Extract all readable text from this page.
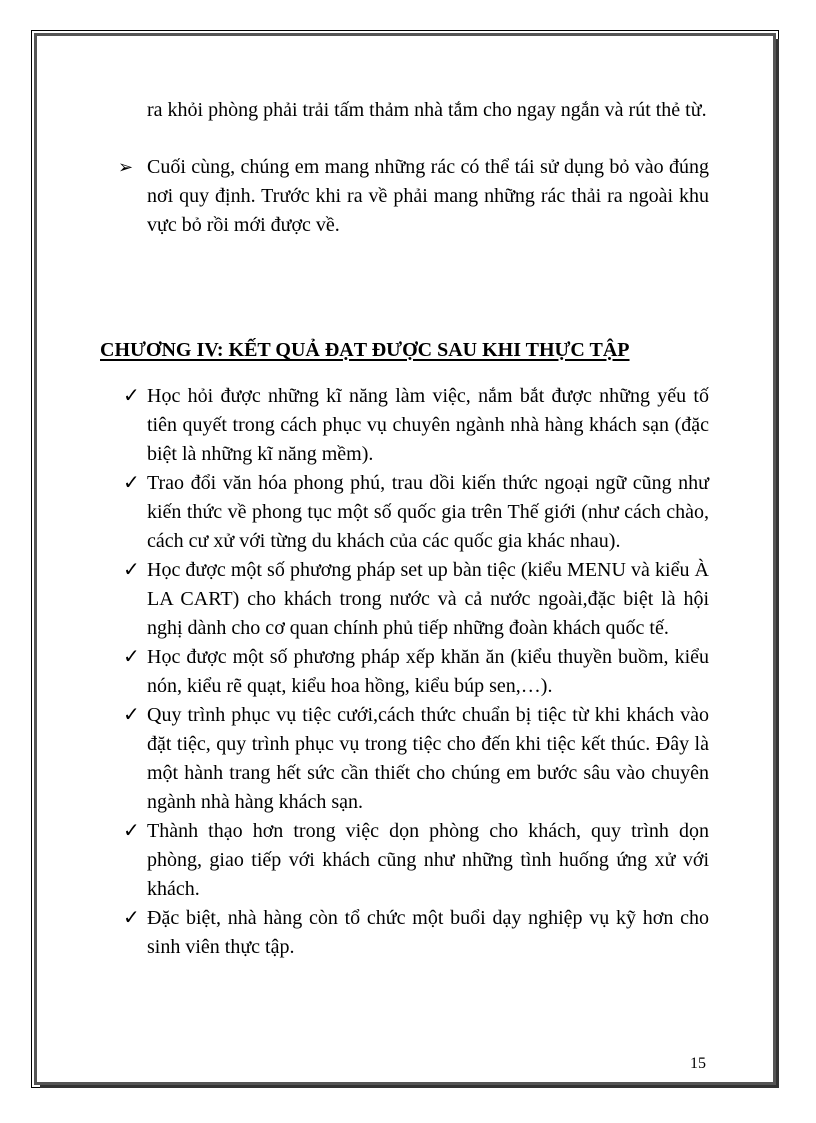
ra khỏi phòng phải trải tấm thảm nhà tắm cho ngay ngắn và rút thẻ từ.
➢ Cuối cùng, chúng em mang những rác có thể tái sử dụng bỏ vào đúng nơi quy định. Trước khi ra về phải mang những rác thải ra ngoài khu vực bỏ rồi mới được về.
CHƯƠNG IV: KẾT QUẢ ĐẠT ĐƯỢC SAU KHI THỰC TẬP
✓ Học hỏi được những kĩ năng làm việc, nắm bắt được những yếu tố tiên quyết trong cách phục vụ chuyên ngành nhà hàng khách sạn (đặc biệt là những kĩ năng mềm).
✓ Trao đổi văn hóa phong phú, trau dồi kiến thức ngoại ngữ cũng như kiến thức về phong tục một số quốc gia trên Thế giới (như cách chào, cách cư xử với từng du khách của các quốc gia khác nhau).
✓ Học được một số phương pháp set up bàn tiệc (kiểu MENU và kiểu À LA CART) cho khách trong nước và cả nước ngoài,đặc biệt là hội nghị dành cho cơ quan chính phủ tiếp những đoàn khách quốc tế.
✓ Học được một số phương pháp xếp khăn ăn (kiểu thuyền buồm, kiểu nón, kiểu rẽ quạt, kiểu hoa hồng, kiểu búp sen,…).
✓ Quy trình phục vụ tiệc cưới,cách thức chuẩn bị tiệc từ khi khách vào đặt tiệc, quy trình phục vụ trong tiệc cho đến khi tiệc kết thúc. Đây là một hành trang hết sức cần thiết cho chúng em bước sâu vào chuyên ngành nhà hàng khách sạn.
✓ Thành thạo hơn trong việc dọn phòng cho khách, quy trình dọn phòng, giao tiếp với khách cũng như những tình huống ứng xử với khách.
✓ Đặc biệt, nhà hàng còn tổ chức một buổi dạy nghiệp vụ kỹ hơn cho sinh viên thực tập.
15
